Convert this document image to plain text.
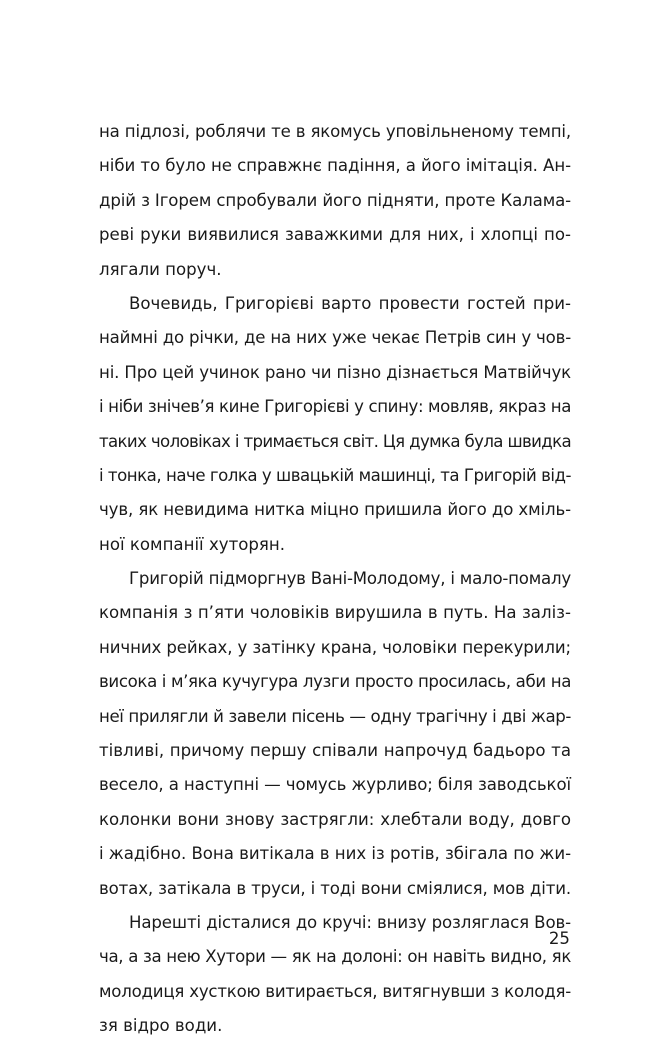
на підлозі, роблячи те в якомусь уповільненому темпі,
ніби то було не справжнє падіння, а його імітація. Ан-
дрій з Ігорем спробували його підняти, проте Калама-
реві руки виявилися заважкими для них, і хлопці по-
лягали поруч.
Вочевидь, Григорієві варто провести гостей при-
наймні до річки, де на них уже чекає Петрів син у чов-
ні. Про цей учинок рано чи пізно дізнається Матвійчук
і ніби знічев’я кине Григорієві у спину: мовляв, якраз на
таких чоловіках і тримається світ. Ця думка була швидка
і тонка, наче голка у швацькій машинці, та Григорій від-
чув, як невидима нитка міцно пришила його до хміль-
ної компанії хуторян.
Григорій підморгнув Вані-Молодому, і мало-помалу
компанія з п’яти чоловіків вирушила в путь. На заліз-
ничних рейках, у затінку крана, чоловіки перекурили;
висока і м’яка кучугура лузги просто просилась, аби на
неї прилягли й завели пісень — одну трагічну і дві жар-
тівливі, причому першу співали напрочуд бадьоро та
весело, а наступні — чомусь журливо; біля заводської
колонки вони знову застрягли: хлебтали воду, довго
і жадібно. Вона витікала в них із ротів, збігала по жи-
вотах, затікала в труси, і тоді вони сміялися, мов діти.
Нарешті дісталися до кручі: внизу розляглася Вов-
ча, а за нею Хутори — як на долоні: он навіть видно, як
молодиця хусткою витирається, витягнувши з колодя-
зя відро води.
25
